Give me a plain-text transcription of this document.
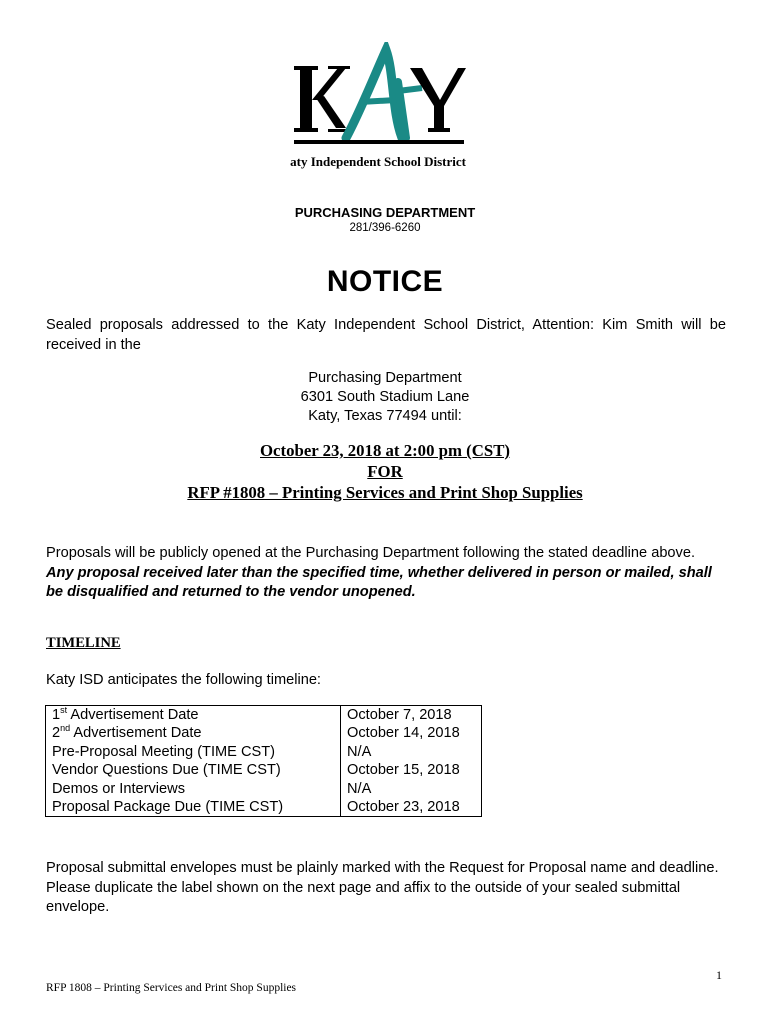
Katy Independent School District
PURCHASING DEPARTMENT
281/396-6260
NOTICE
Sealed proposals addressed to the Katy Independent School District, Attention: Kim Smith will be received in the
Purchasing Department
6301 South Stadium Lane
Katy, Texas 77494 until:
October 23, 2018 at 2:00 pm (CST)
FOR
RFP #1808 – Printing Services and Print Shop Supplies
Proposals will be publicly opened at the Purchasing Department following the stated deadline above.
Any proposal received later than the specified time, whether delivered in person or mailed, shall be disqualified and returned to the vendor unopened.
TIMELINE
Katy ISD anticipates the following timeline:
1st Advertisement Date	October 7, 2018
2nd Advertisement Date	October 14, 2018
Pre-Proposal Meeting (TIME CST)	N/A
Vendor Questions Due (TIME CST)	October 15, 2018
Demos or Interviews	N/A
Proposal Package Due (TIME CST)	October 23, 2018
Proposal submittal envelopes must be plainly marked with the Request for Proposal name and deadline. Please duplicate the label shown on the next page and affix to the outside of your sealed submittal envelope.
1
RFP 1808 – Printing Services and Print Shop Supplies
